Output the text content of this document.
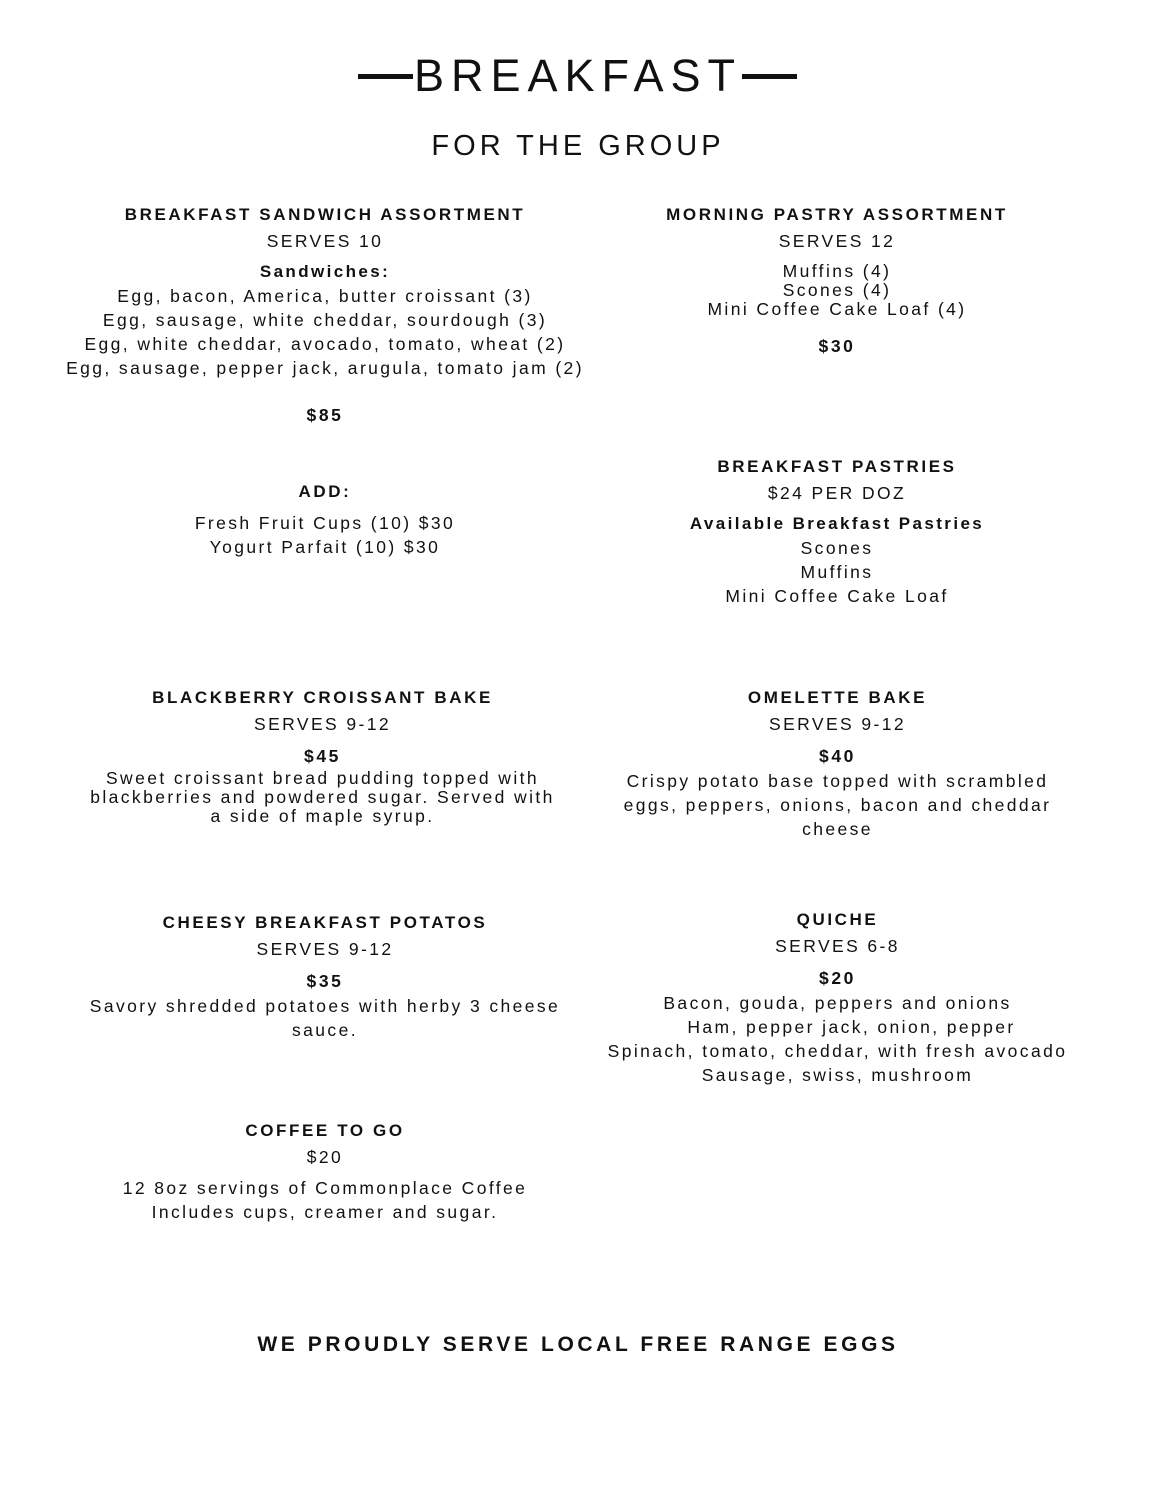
BREAKFAST
FOR THE GROUP
BREAKFAST SANDWICH ASSORTMENT
SERVES 10
Sandwiches:
Egg, bacon, America, butter croissant (3)
Egg, sausage, white cheddar, sourdough (3)
Egg, white cheddar, avocado, tomato, wheat (2)
Egg, sausage, pepper jack, arugula, tomato jam (2)
$85
MORNING PASTRY ASSORTMENT
SERVES 12
Muffins (4)
Scones (4)
Mini Coffee Cake Loaf (4)
$30
ADD:
Fresh Fruit Cups (10) $30
Yogurt Parfait (10) $30
BREAKFAST PASTRIES
$24 PER DOZ
Available Breakfast Pastries
Scones
Muffins
Mini Coffee Cake Loaf
BLACKBERRY CROISSANT BAKE
SERVES 9-12
$45
Sweet croissant bread pudding topped with
blackberries and powdered sugar. Served with
a side of maple syrup.
OMELETTE BAKE
SERVES 9-12
$40
Crispy potato base topped with scrambled
eggs, peppers, onions, bacon and cheddar
cheese
CHEESY BREAKFAST POTATOS
SERVES 9-12
$35
Savory shredded potatoes with herby 3 cheese
sauce.
QUICHE
SERVES 6-8
$20
Bacon, gouda, peppers and onions
Ham, pepper jack, onion, pepper
Spinach, tomato, cheddar, with fresh avocado
Sausage, swiss, mushroom
COFFEE TO GO
$20
12 8oz servings of Commonplace Coffee
Includes cups, creamer and sugar.
WE PROUDLY SERVE LOCAL FREE RANGE EGGS
